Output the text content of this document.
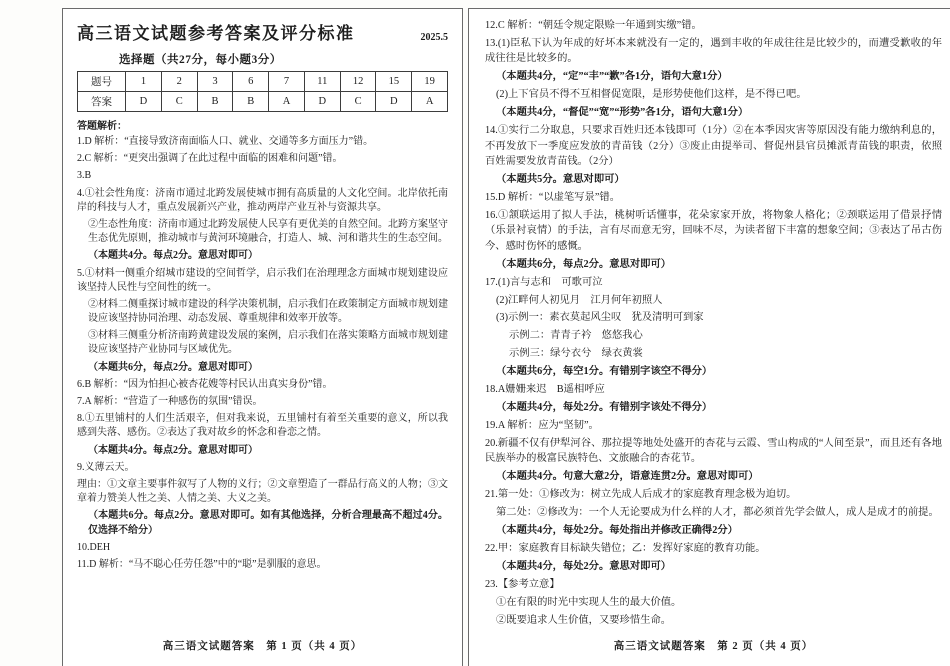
高三语文试题参考答案及评分标准	2025.5
选择题（共27分，每小题3分）
题号	1	2	3	6	7	11	12	15	19
答案	D	C	B	B	A	D	C	D	A
答题解析：

1.D 解析：“直接导致济南面临人口、就业、交通等多方面压力”错。

2.C 解析：“更突出强调了在此过程中面临的困难和问题”错。

3.B

4.①社会性角度：济南市通过北跨发展使城市拥有高质量的人文化空间。北岸依托南岸的科技与人才，重点发展新兴产业，推动两岸产业互补与资源共享。

②生态性角度：济南市通过北跨发展使人民享有更优美的自然空间。北跨方案坚守生态优先原则，推动城市与黄河环境融合，打造人、城、河和谐共生的生态空间。

（本题共4分。每点2分。意思对即可）

5.①材料一侧重介绍城市建设的空间哲学，启示我们在治理理念方面城市规划建设应该坚持人民性与空间性的统一。

②材料二侧重探讨城市建设的科学决策机制，启示我们在政策制定方面城市规划建设应该坚持协同治理、动态发展、尊重规律和效率开放等。

③材料三侧重分析济南跨黄建设发展的案例，启示我们在落实策略方面城市规划建设应该坚持产业协同与区域优先。

（本题共6分，每点2分。意思对即可）

6.B 解析：“因为怕担心被杏花嫂等村民认出真实身份”错。

7.A 解析：“营造了一种感伤的氛围”错误。

8.①五里铺村的人们生活艰辛，但对我来说，五里铺村有着至关重要的意义，所以我感到失落、感伤。②表达了我对故乡的怀念和眷恋之情。

（本题共4分。每点2分。意思对即可）

9.义薄云天。

理由：①文章主要事件叙写了人物的义行；②文章塑造了一群品行高义的人物；③文章着力赞美人性之美、人情之美、大义之美。

（本题共6分。每点2分。意思对即可。如有其他选择，分析合理最高不超过4分。仅选择不给分）

10.DEH

11.D 解析：“马不聪心任劳任怨”中的“聪”是驯服的意思。

高三语文试题答案　第 1 页（共 4 页）

12.C 解析：“朝廷令规定限赊一年通到实缴”错。

13.(1)臣私下认为年成的好坏本来就没有一定的，遇到丰收的年成往往是比较少的，而遭受歉收的年成往往是比较多的。

（本题共4分，“定”“丰”“歉”各1分，语句大意1分）

(2)上下官员不得不互相督促宽限，是形势使他们这样，是不得已吧。

（本题共4分，“督促”“宽”“形势”各1分，语句大意1分）

14.①实行二分取息，只要求百姓归还本钱即可（1分）②在本季因灾害等原因没有能力缴纳利息的，不再发放下一季度应发放的青苗钱（2分）③废止由提举司、督促州县官员摊派青苗钱的职责，依照百姓需要发放青苗钱。（2分）

（本题共5分。意思对即可）

15.D 解析：“以虚笔写景”错。

16.①颔联运用了拟人手法，桃树听话懂事，花朵家家开放，将物象人格化；②颈联运用了借景抒情（乐景衬哀情）的手法，言有尽而意无穷，回味不尽，为读者留下丰富的想象空间；③表达了吊古伤今、感时伤怀的感慨。

（本题共6分，每点2分。意思对即可）

17.(1)言与志和　可歌可泣

(2)江畔何人初见月　江月何年初照人

(3)示例一：素衣莫起风尘叹　犹及清明可到家

示例二：青青子衿　悠悠我心

示例三：绿兮衣兮　绿衣黄裳

（本题共6分，每空1分。有错别字该空不得分）

18.A姗姗来迟　B遥相呼应

（本题共4分，每处2分。有错别字该处不得分）

19.A 解析：应为“坚韧”。

20.新疆不仅有伊犁河谷、那拉提等地处处盛开的杏花与云霞、雪山构成的“人间至景”，而且还有各地民族举办的极富民族特色、文旅融合的杏花节。

（本题共4分。句意大意2分，语意连贯2分。意思对即可）

21.第一处：①修改为：树立先成人后成才的家庭教育理念极为迫切。

第二处：②修改为：一个人无论要成为什么样的人才，都必须首先学会做人，成人是成才的前提。

（本题共4分，每处2分。每处指出并修改正确得2分）

22.甲：家庭教育目标缺失错位；乙：发挥好家庭的教育功能。

（本题共4分，每处2分。意思对即可）

23.【参考立意】

①在有限的时光中实现人生的最大价值。

②既要追求人生价值，又要珍惜生命。

高三语文试题答案　第 2 页（共 4 页）
